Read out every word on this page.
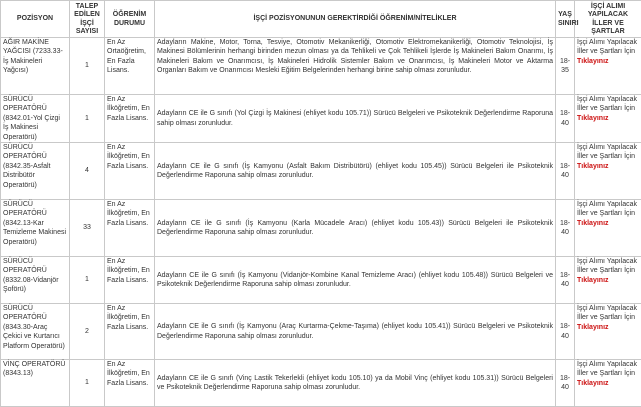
POZİSYON	TALEP EDİLEN İŞÇİ SAYISI	ÖĞRENİM DURUMU	İŞÇİ POZİSYONUNUN GEREKTİRDİĞİ ÖĞRENİM/NİTELİKLER	YAŞ SINIRI	İŞÇİ ALIMI YAPILACAK İLLER VE ŞARTLAR
AĞIR MAKİNE YAĞCISI (7233.33-İş Makineleri Yağcısı)	1	En Az Ortaöğretim, En Fazla Lisans.	Adayların Makine, Motor, Torna, Tesviye, Otomotiv Mekanikerliği, Otomotiv Elektromekanikerliği, Otomotiv Teknolojisi, İş Makinesi Bölümlerinin herhangi birinden mezun olması ya da Tehlikeli ve Çok Tehlikeli İşlerde İş Makineleri Bakım Onarımı, İş Makineleri Bakım ve Onarımcısı, İş Makineleri Hidrolik Sistemler Bakım ve Onarımcısı, İş Makineleri Motor ve Aktarma Organları Bakım ve Onarımcısı Mesleki Eğitim Belgelerinden herhangi birine sahip olması zorunludur.	18-35	İşçi Alımı Yapılacak İller ve Şartları İçin
Tıklayınız

SÜRÜCÜ OPERATÖRÜ (8342.01-Yol Çizgi İş Makinesi Operatörü)	1	En Az İlköğretim, En Fazla Lisans.	Adayların CE ile G sınıfı (Yol Çizgi İş Makinesi (ehliyet kodu 105.71)) Sürücü Belgeleri ve Psikoteknik Değerlendirme Raporuna sahip olması zorunludur.	18-40	İşçi Alımı Yapılacak İller ve Şartları İçin
Tıklayınız

SÜRÜCÜ OPERATÖRÜ (8342.35-Asfalt Distribütör Operatörü)	4	En Az İlköğretim, En Fazla Lisans.	Adayların CE ile G sınıfı (İş Kamyonu (Asfalt Bakım Distribütörü) (ehliyet kodu 105.45)) Sürücü Belgeleri ile Psikoteknik Değerlendirme Raporuna sahip olması zorunludur.	18-40	İşçi Alımı Yapılacak İller ve Şartları İçin
Tıklayınız

SÜRÜCÜ OPERATÖRÜ (8342.13-Kar Temizleme Makinesi Operatörü)	33	En Az İlköğretim, En Fazla Lisans.	Adayların CE ile G sınıfı (İş Kamyonu (Karla Mücadele Aracı) (ehliyet kodu 105.43)) Sürücü Belgeleri ile Psikoteknik Değerlendirme Raporuna sahip olması zorunludur.	18-40	İşçi Alımı Yapılacak İller ve Şartları İçin
Tıklayınız

SÜRÜCÜ OPERATÖRÜ (8332.08-Vidanjör Şoförü)	1	En Az İlköğretim, En Fazla Lisans.	Adayların CE ile G sınıfı (İş Kamyonu (Vidanjör-Kombine Kanal Temizleme Aracı) (ehliyet kodu 105.48)) Sürücü Belgeleri ve Psikoteknik Değerlendirme Raporuna sahip olması zorunludur.	18-40	İşçi Alımı Yapılacak İller ve Şartları İçin
Tıklayınız

SÜRÜCÜ OPERATÖRÜ (8343.30-Araç Çekici ve Kurtarıcı Platform Operatörü)	2	En Az İlköğretim, En Fazla Lisans.	Adayların CE ile G sınıfı (İş Kamyonu (Araç Kurtarma-Çekme-Taşıma) (ehliyet kodu 105.41)) Sürücü Belgeleri ve Psikoteknik Değerlendirme Raporuna sahip olması zorunludur.	18-40	İşçi Alımı Yapılacak İller ve Şartları İçin
Tıklayınız

VİNÇ OPERATÖRÜ (8343.13)	1	En Az İlköğretim, En Fazla Lisans.	Adayların CE ile G sınıfı (Vinç Lastik Tekerlekli (ehliyet kodu 105.10) ya da Mobil Vinç (ehliyet kodu 105.31)) Sürücü Belgeleri ve Psikoteknik Değerlendirme Raporuna sahip olması zorunludur.	18-40	İşçi Alımı Yapılacak İller ve Şartları İçin
Tıklayınız
